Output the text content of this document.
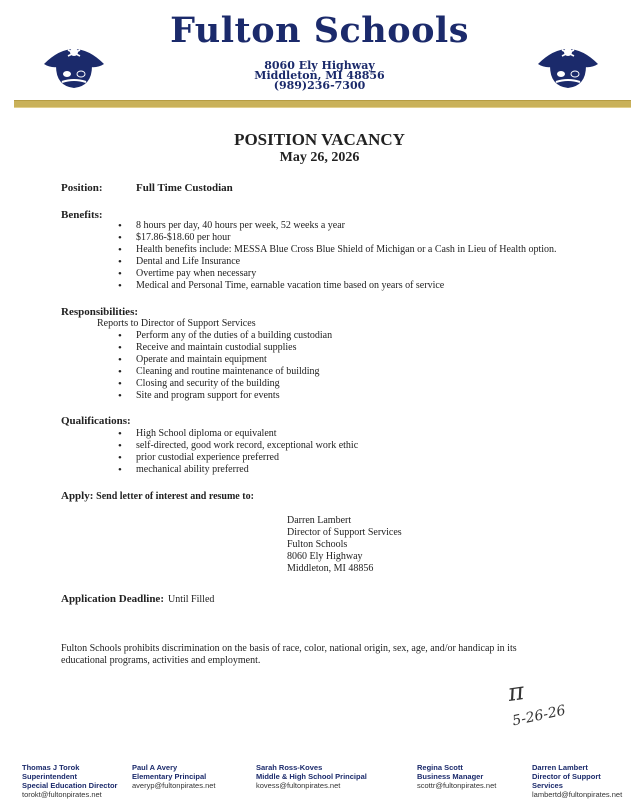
Fulton Schools
8060 Ely Highway
Middleton, MI 48856
(989)236-7300
POSITION VACANCY
May 26, 2026
Position:	Full Time Custodian
Benefits:
• 8 hours per day, 40 hours per week, 52 weeks a year
• $17.86-$18.60 per hour
• Health benefits include: MESSA Blue Cross Blue Shield of Michigan or a Cash in Lieu of Health option.
• Dental and Life Insurance
• Overtime pay when necessary
• Medical and Personal Time, earnable vacation time based on years of service
Responsibilities:
Reports to Director of Support Services
• Perform any of the duties of a building custodian
• Receive and maintain custodial supplies
• Operate and maintain equipment
• Cleaning and routine maintenance of building
• Closing and security of the building
• Site and program support for events
Qualifications:
• High School diploma or equivalent
• self-directed, good work record, exceptional work ethic
• prior custodial experience preferred
• mechanical ability preferred
Apply: Send letter of interest and resume to:
Darren Lambert
Director of Support Services
Fulton Schools
8060 Ely Highway
Middleton, MI 48856
Application Deadline: Until Filled
Fulton Schools prohibits discrimination on the basis of race, color, national origin, sex, age, and/or handicap in its educational programs, activities and employment.
π
5-26-26
Thomas J Torok
Superintendent
Special Education Director
torokt@fultonpirates.net
Paul A Avery
Elementary Principal
averyp@fultonpirates.net
Sarah Ross-Koves
Middle & High School Principal
kovess@fultonpirates.net
Regina Scott
Business Manager
scottr@fultonpirates.net
Darren Lambert
Director of Support
Services
lambertd@fultonpirates.net
